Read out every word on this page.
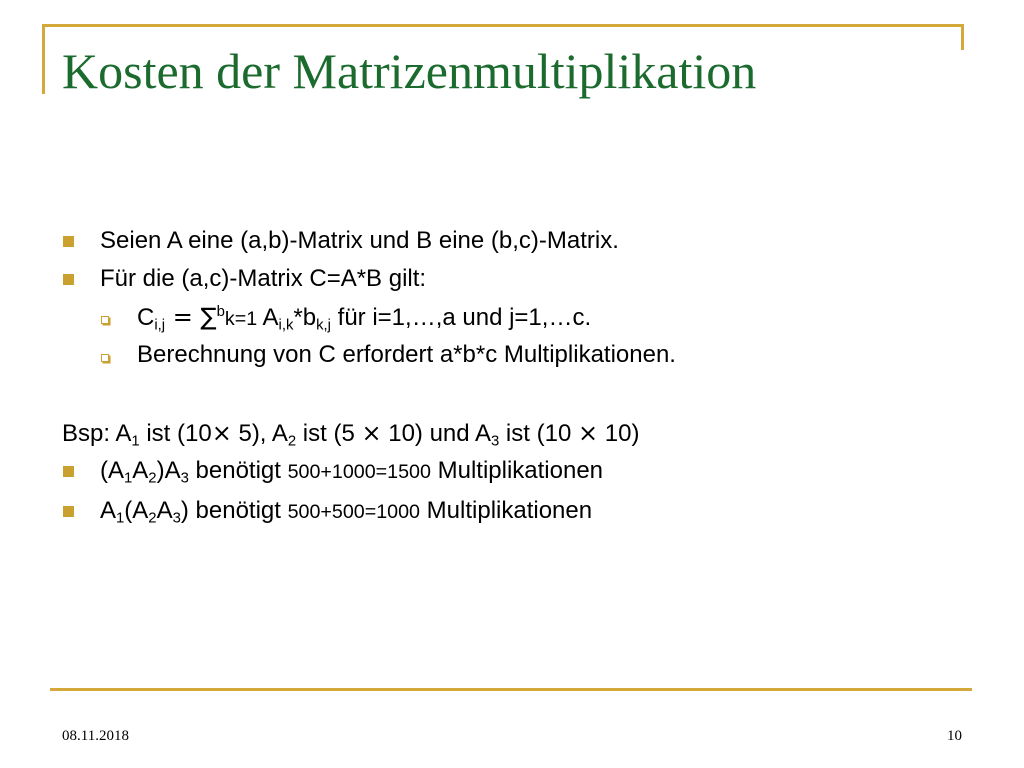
Kosten der Matrizenmultiplikation
Seien A eine (a,b)-Matrix und B eine (b,c)-Matrix.
Für die (a,c)-Matrix C=A*B gilt:
$C_{i,j} = \sum^bk=1$ $A_{i,k}*b_{k,j}$ für i=1,…,a und j=1,…c.
Berechnung von C erfordert a*b*c Multiplikationen.
Bsp: $A_1$ ist (10× 5), $A_2$ ist (5 × 10) und $A_3$ ist (10 × 10)
$(A_1A_2)A_3$ benötigt 500+1000=1500 Multiplikationen
$A_1(A_2A_3)$ benötigt 500+500=1000 Multiplikationen
08.11.2018	10
